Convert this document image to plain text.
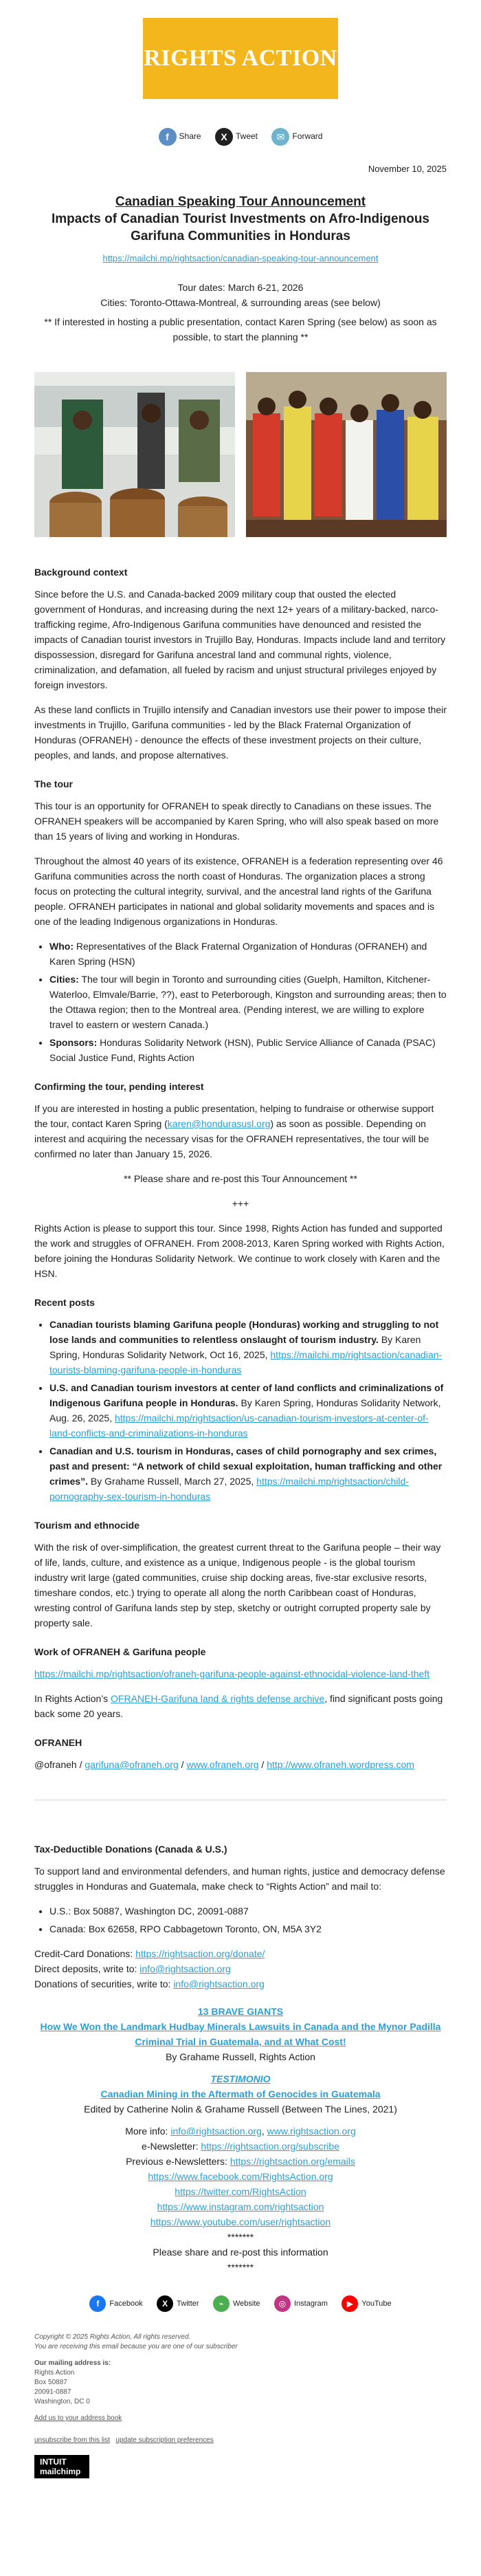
RIGHTS ACTION
f Share X Tweet ✉ Forward
November 10, 2025
Canadian Speaking Tour Announcement
Impacts of Canadian Tourist Investments on Afro-Indigenous Garifuna Communities in Honduras
https://mailchi.mp/rightsaction/canadian-speaking-tour-announcement
Tour dates: March 6-21, 2026
Cities: Toronto-Ottawa-Montreal, & surrounding areas (see below)
** If interested in hosting a public presentation, contact Karen Spring (see below) as soon as possible, to start the planning **
Background context

Since before the U.S. and Canada-backed 2009 military coup that ousted the elected government of Honduras, and increasing during the next 12+ years of a military-backed, narco-trafficking regime, Afro-Indigenous Garifuna communities have denounced and resisted the impacts of Canadian tourist investors in Trujillo Bay, Honduras. Impacts include land and territory dispossession, disregard for Garifuna ancestral land and communal rights, violence, criminalization, and defamation, all fueled by racism and unjust structural privileges enjoyed by foreign investors.

As these land conflicts in Trujillo intensify and Canadian investors use their power to impose their investments in Trujillo, Garifuna communities - led by the Black Fraternal Organization of Honduras (OFRANEH) - denounce the effects of these investment projects on their culture, peoples, and lands, and propose alternatives.

The tour

This tour is an opportunity for OFRANEH to speak directly to Canadians on these issues. The OFRANEH speakers will be accompanied by Karen Spring, who will also speak based on more than 15 years of living and working in Honduras.

Throughout the almost 40 years of its existence, OFRANEH is a federation representing over 46 Garifuna communities across the north coast of Honduras. The organization places a strong focus on protecting the cultural integrity, survival, and the ancestral land rights of the Garifuna people. OFRANEH participates in national and global solidarity movements and spaces and is one of the leading Indigenous organizations in Honduras.

• Who: Representatives of the Black Fraternal Organization of Honduras (OFRANEH) and Karen Spring (HSN)
• Cities: The tour will begin in Toronto and surrounding cities (Guelph, Hamilton, Kitchener-Waterloo, Elmvale/Barrie, ??), east to Peterborough, Kingston and surrounding areas; then to the Ottawa region; then to the Montreal area. (Pending interest, we are willing to explore travel to eastern or western Canada.)
• Sponsors: Honduras Solidarity Network (HSN), Public Service Alliance of Canada (PSAC) Social Justice Fund, Rights Action
Confirming the tour, pending interest

If you are interested in hosting a public presentation, helping to fundraise or otherwise support the tour, contact Karen Spring (karen@hondurasusl.org) as soon as possible. Depending on interest and acquiring the necessary visas for the OFRANEH representatives, the tour will be confirmed no later than January 15, 2026.

** Please share and re-post this Tour Announcement **

+++

Rights Action is please to support this tour. Since 1998, Rights Action has funded and supported the work and struggles of OFRANEH. From 2008-2013, Karen Spring worked with Rights Action, before joining the Honduras Solidarity Network. We continue to work closely with Karen and the HSN.

Recent posts
• Canadian tourists blaming Garifuna people (Honduras) working and struggling to not lose lands and communities to relentless onslaught of tourism industry. By Karen Spring, Honduras Solidarity Network, Oct 16, 2025, https://mailchi.mp/rightsaction/canadian-tourists-blaming-garifuna-people-in-honduras
• U.S. and Canadian tourism investors at center of land conflicts and criminalizations of Indigenous Garifuna people in Honduras. By Karen Spring, Honduras Solidarity Network, Aug. 26, 2025, https://mailchi.mp/rightsaction/us-canadian-tourism-investors-at-center-of-land-conflicts-and-criminalizations-in-honduras
• Canadian and U.S. tourism in Honduras, cases of child pornography and sex crimes, past and present: “A network of child sexual exploitation, human trafficking and other crimes”. By Grahame Russell, March 27, 2025, https://mailchi.mp/rightsaction/child-pornography-sex-tourism-in-honduras
Tourism and ethnocide

With the risk of over-simplification, the greatest current threat to the Garifuna people – their way of life, lands, culture, and existence as a unique, Indigenous people - is the global tourism industry writ large (gated communities, cruise ship docking areas, five-star exclusive resorts, timeshare condos, etc.) trying to operate all along the north Caribbean coast of Honduras, wresting control of Garifuna lands step by step, sketchy or outright corrupted property sale by property sale.

Work of OFRANEH & Garifuna people

https://mailchi.mp/rightsaction/ofraneh-garifuna-people-against-ethnocidal-violence-land-theft

In Rights Action’s OFRANEH-Garifuna land & rights defense archive, find significant posts going back some 20 years.

OFRANEH

@ofraneh / garifuna@ofraneh.org / www.ofraneh.org / http://www.ofraneh.wordpress.com

Tax-Deductible Donations (Canada & U.S.)

To support land and environmental defenders, and human rights, justice and democracy defense struggles in Honduras and Guatemala, make check to “Rights Action” and mail to:

• U.S.: Box 50887, Washington DC, 20091-0887
• Canada: Box 62658, RPO Cabbagetown Toronto, ON, M5A 3Y2
Credit-Card Donations: https://rightsaction.org/donate/
Direct deposits, write to: info@rightsaction.org
Donations of securities, write to: info@rightsaction.org
13 BRAVE GIANTS
How We Won the Landmark Hudbay Minerals Lawsuits in Canada and the Mynor Padilla Criminal Trial in Guatemala, and at What Cost!
By Grahame Russell, Rights Action
TESTIMONIO
Canadian Mining in the Aftermath of Genocides in Guatemala
Edited by Catherine Nolin & Grahame Russell (Between The Lines, 2021)
More info: info@rightsaction.org, www.rightsaction.org
e-Newsletter: https://rightsaction.org/subscribe
Previous e-Newsletters: https://rightsaction.org/emails
https://www.facebook.com/RightsAction.org
https://twitter.com/RightsAction
https://www.instagram.com/rightsaction
https://www.youtube.com/user/rightsaction
*******
Please share and re-post this information
*******
f Facebook X Twitter ⌁ Website ◎ Instagram ▶ YouTube
Copyright © 2025 Rights Action, All rights reserved.
You are receiving this email because you are one of our subscriber
Our mailing address is:
Rights Action
Box 50887
20091-0887
Washington, DC 0
Add us to your address book
unsubscribe from this list update subscription preferences
INTUIT
mailchimp
